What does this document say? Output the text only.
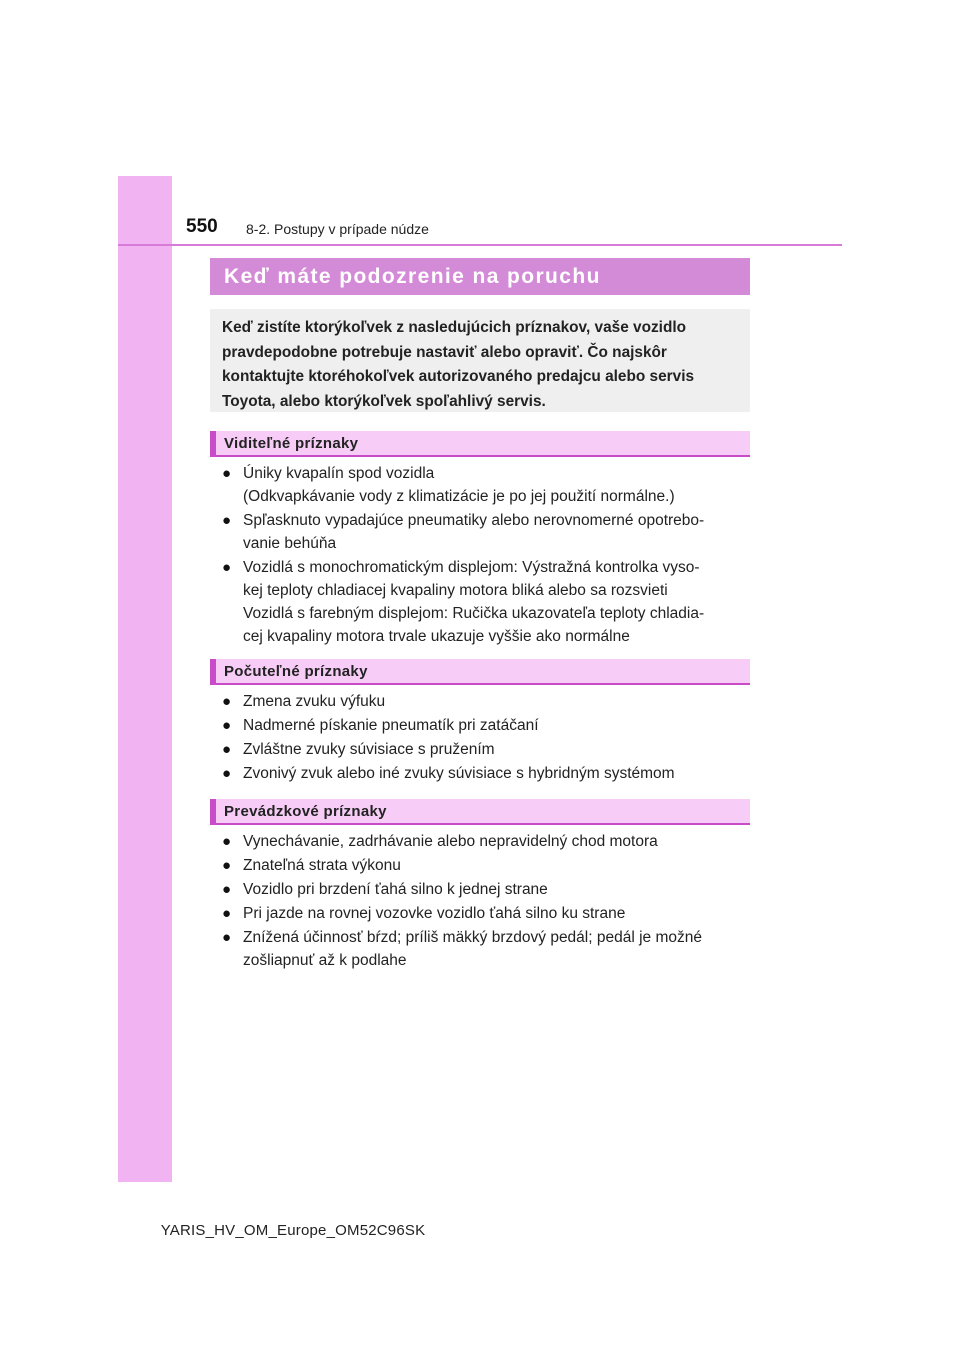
550 8-2. Postupy v prípade núdze
Keď máte podozrenie na poruchu
Keď zistíte ktorýkoľvek z nasledujúcich príznakov, vaše vozidlo
pravdepodobne potrebuje nastaviť alebo opraviť. Čo najskôr
kontaktujte ktoréhokoľvek autorizovaného predajcu alebo servis
Toyota, alebo ktorýkoľvek spoľahlivý servis.
Viditeľné príznaky
● Úniky kvapalín spod vozidla
(Odkvapkávanie vody z klimatizácie je po jej použití normálne.)
● Spľasknuto vypadajúce pneumatiky alebo nerovnomerné opotrebo-
vanie behúňa
● Vozidlá s monochromatickým displejom: Výstražná kontrolka vyso-
kej teploty chladiacej kvapaliny motora bliká alebo sa rozsvieti
Vozidlá s farebným displejom: Ručička ukazovateľa teploty chladia-
cej kvapaliny motora trvale ukazuje vyššie ako normálne
Počuteľné príznaky
● Zmena zvuku výfuku
● Nadmerné pískanie pneumatík pri zatáčaní
● Zvláštne zvuky súvisiace s pružením
● Zvonivý zvuk alebo iné zvuky súvisiace s hybridným systémom
Prevádzkové príznaky
● Vynechávanie, zadrhávanie alebo nepravidelný chod motora
● Znateľná strata výkonu
● Vozidlo pri brzdení ťahá silno k jednej strane
● Pri jazde na rovnej vozovke vozidlo ťahá silno ku strane
● Znížená účinnosť bŕzd; príliš mäkký brzdový pedál; pedál je možné
zošliapnuť až k podlahe
YARIS_HV_OM_Europe_OM52C96SK
